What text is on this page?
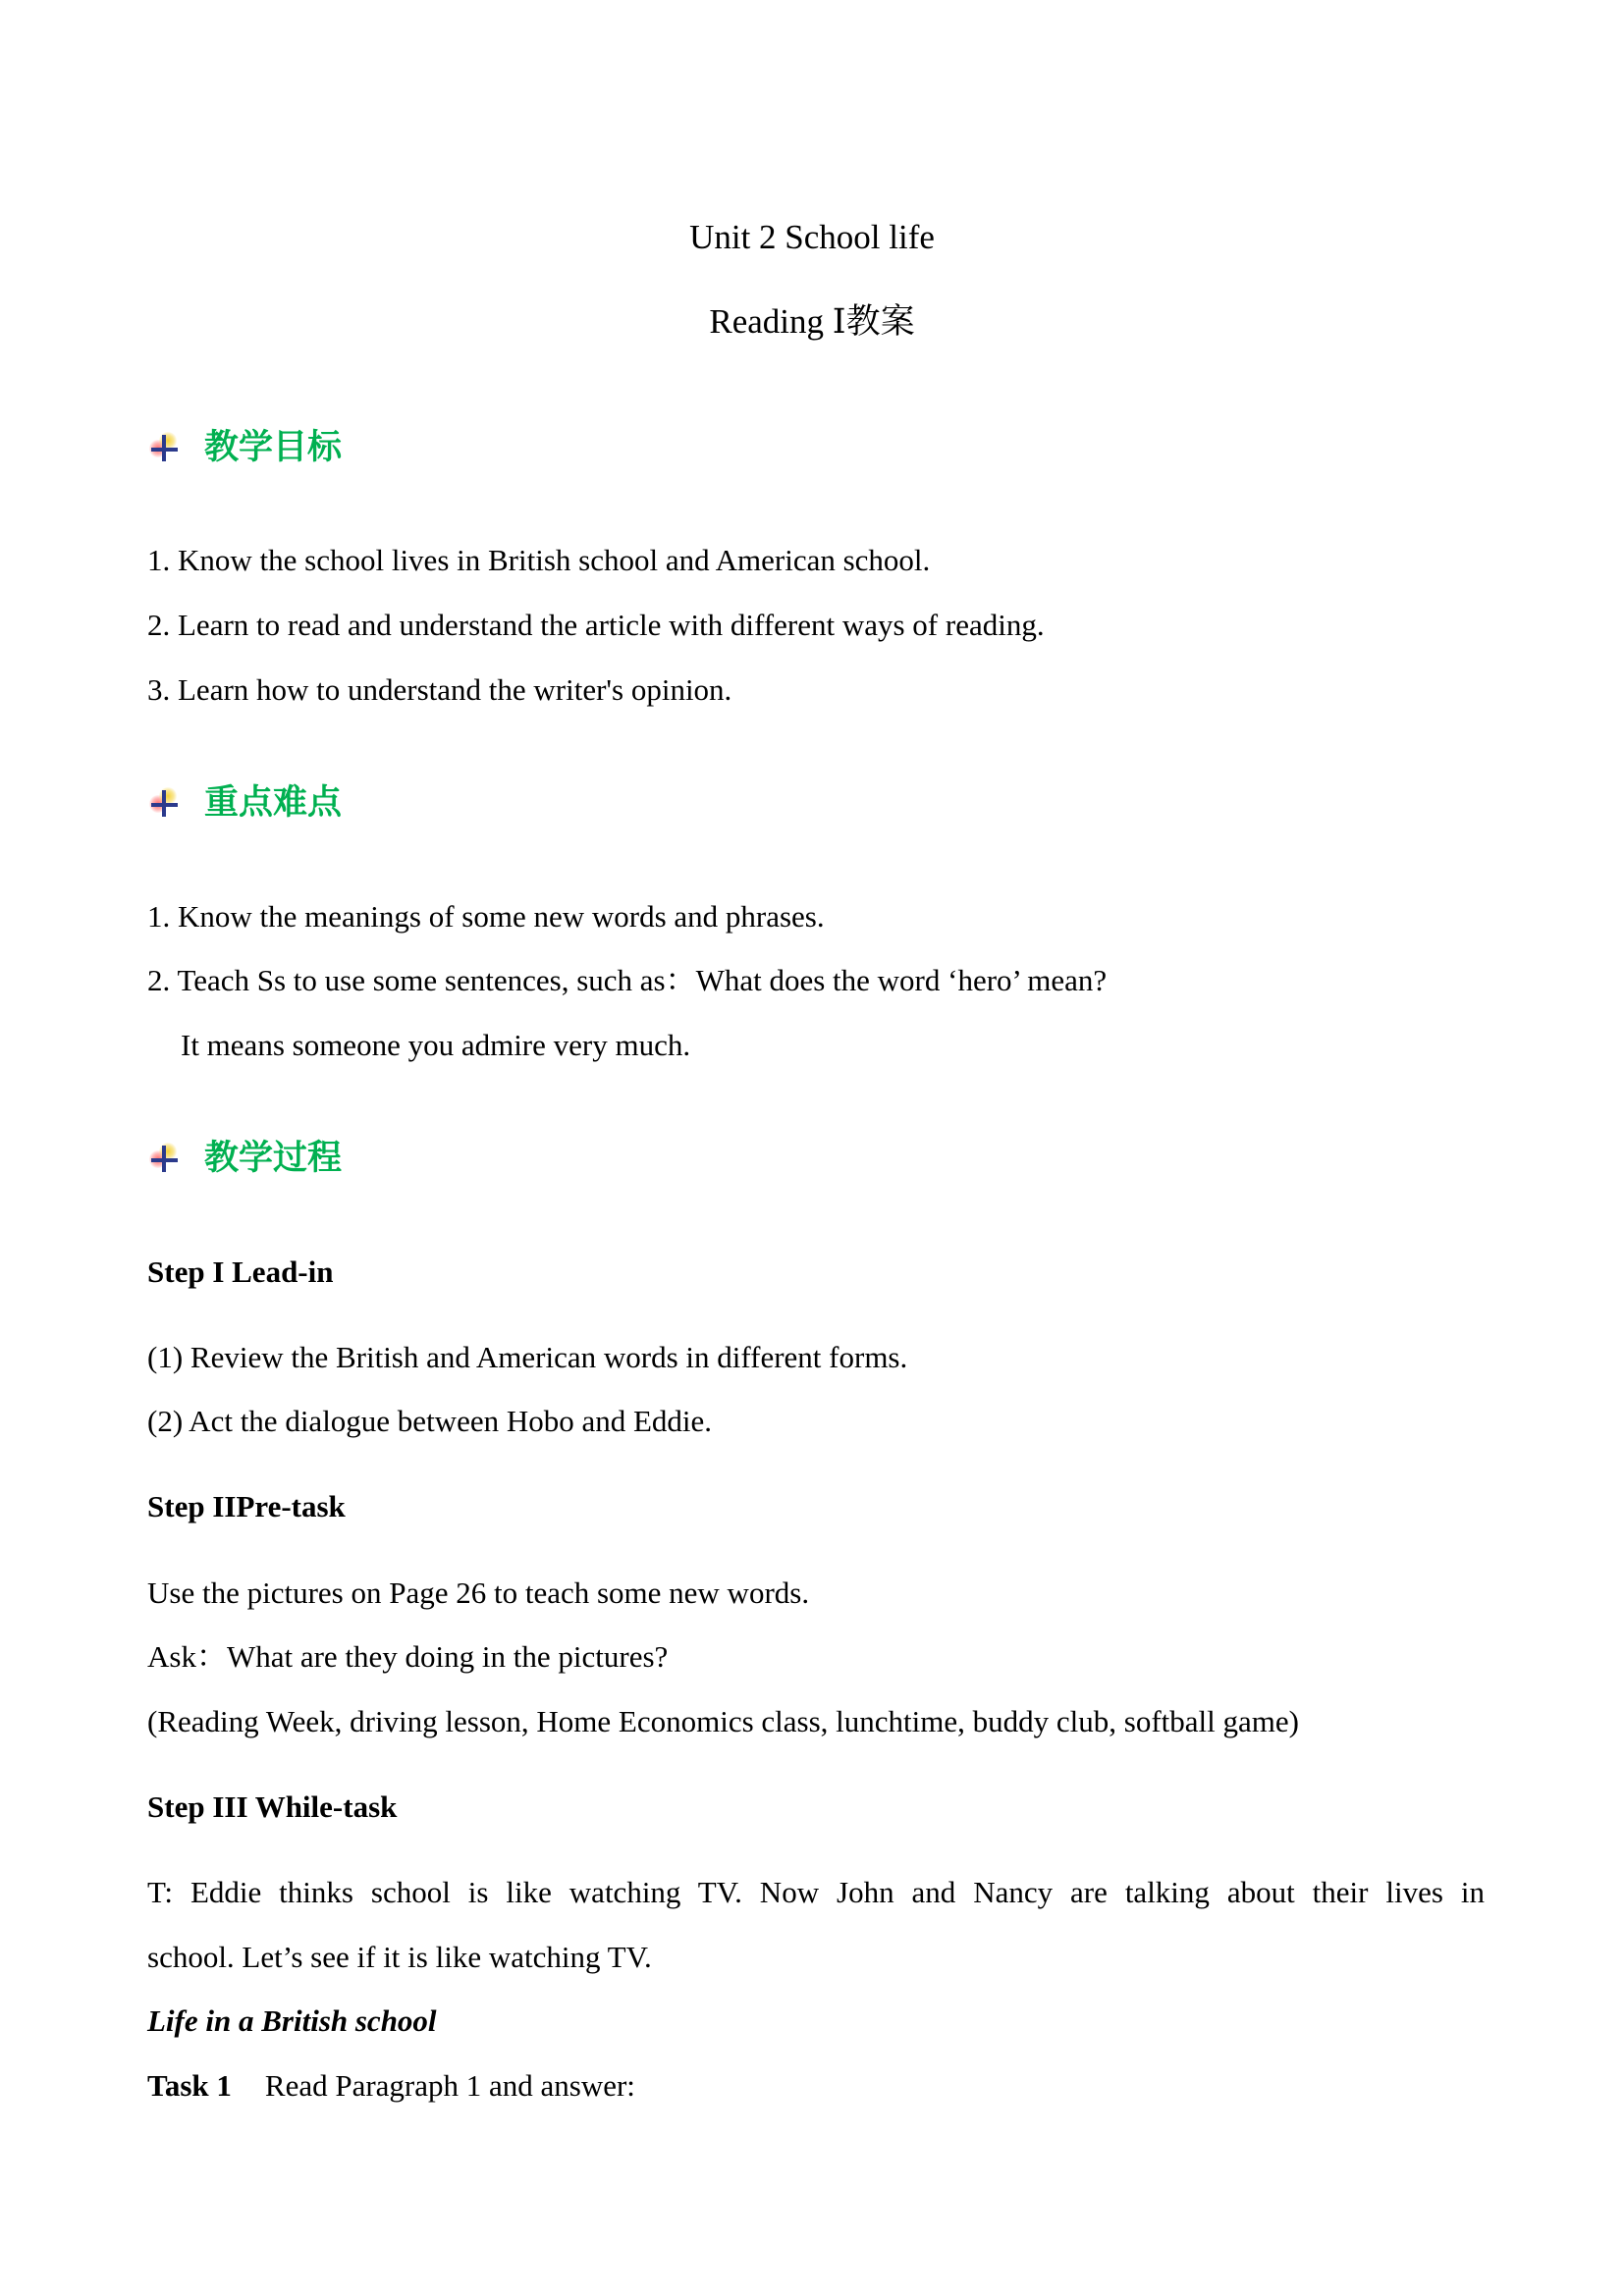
Unit 2 School life
Reading Ⅰ教案
教学目标
1. Know the school lives in British school and American school.
2. Learn to read and understand the article with different ways of reading.
3. Learn how to understand the writer's opinion.
重点难点
1. Know the meanings of some new words and phrases.
2. Teach Ss to use some sentences, such as：What does the word ‘hero’ mean?
It means someone you admire very much.
教学过程
Step I Lead-in
(1) Review the British and American words in different forms.
(2) Act the dialogue between Hobo and Eddie.
Step IIPre-task
Use the pictures on Page 26 to teach some new words.
Ask：What are they doing in the pictures?
(Reading Week, driving lesson, Home Economics class, lunchtime, buddy club, softball game)
Step III While-task
T: Eddie thinks school is like watching TV. Now John and Nancy are talking about their lives in
school. Let’s see if it is like watching TV.
Life in a British school
Task 1 Read Paragraph 1 and answer:
